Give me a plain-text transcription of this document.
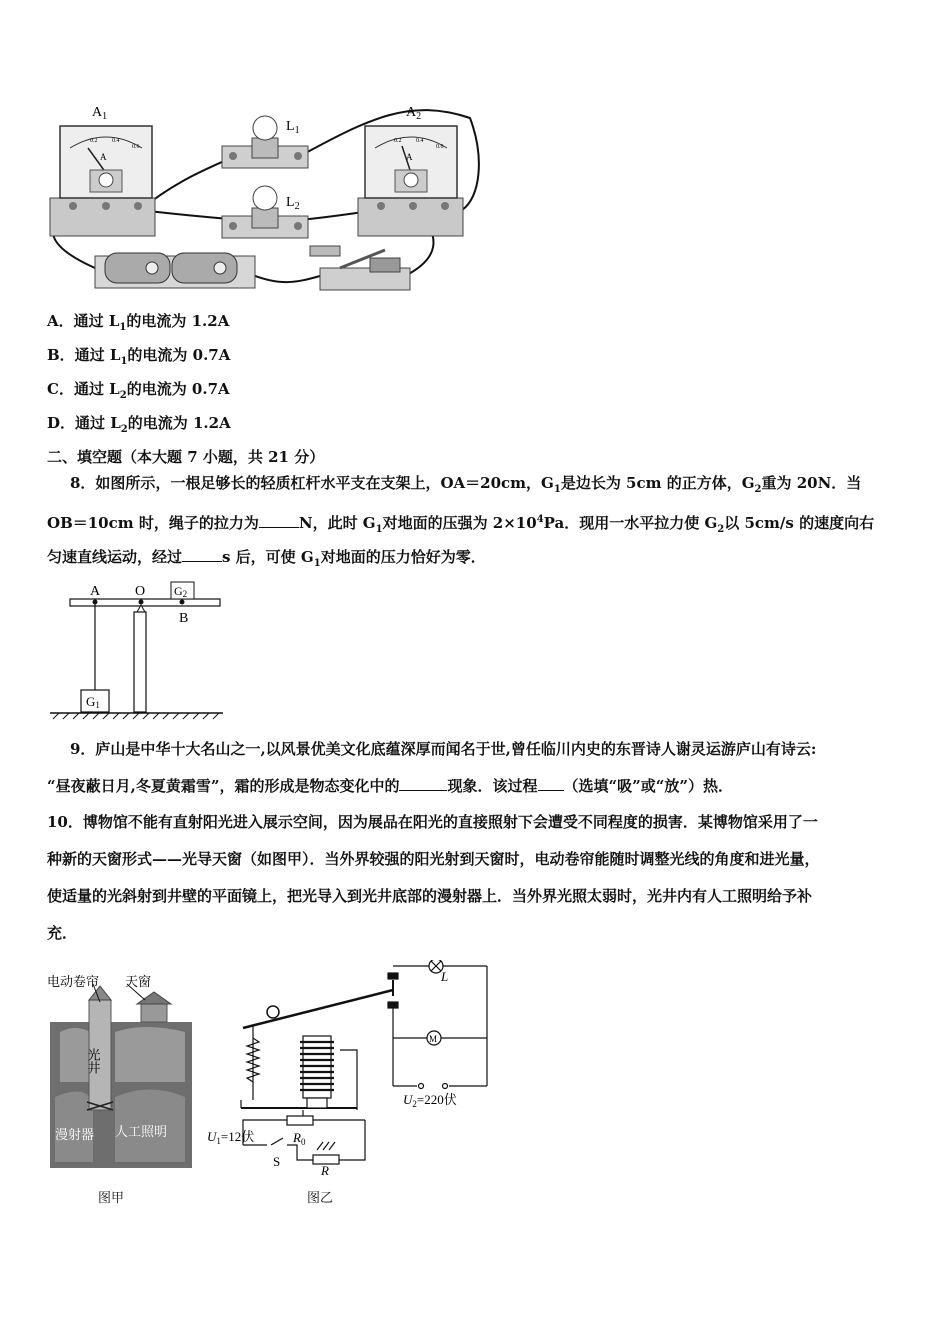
$A_1$	$A_2$
$L_1$
$L_2$
A	A
0.2 0.4
0.6
0.2 0.4
0.6
A．通过 $L_1$的电流为 1.2A
B．通过 $L_1$的电流为 0.7A
C．通过 $L_2$的电流为 0.7A
D．通过 $L_2$的电流为 1.2A
二、填空题（本大题 7 小题，共 21 分）
8．如图所示，一根足够长的轻质杠杆水平支在支架上，OA＝20cm，$G_1$是边长为 5cm 的正方体，$G_2$重为 20N．当
OB＝10cm 时，绳子的拉力为	N，此时 $G_1$对地面的压强为 $2\times 10^4Pa$．现用一水平拉力使 $G_2$以 5cm/s 的速度向右
匀速直线运动，经过	s 后，可使 $G_1$对地面的压力恰好为零．
A O
B
G2
G1
9．庐山是中华十大名山之一,以风景优美文化底蕴深厚而闻名于世,曾任临川内史的东晋诗人谢灵运游庐山有诗云:
“昼夜蔽日月,冬夏黄霜雪”，霜的形成是物态变化中的	现象．该过程 （选填“吸”或“放”）热．
10．博物馆不能有直射阳光进入展示空间，因为展品在阳光的直接照射下会遭受不同程度的损害．某博物馆采用了一
种新的天窗形式——光导天窗（如图甲）．当外界较强的阳光射到天窗时，电动卷帘能随时调整光线的角度和进光量，
使适量的光斜射到井壁的平面镜上，把光导入到光井底部的漫射器上．当外界光照太弱时，光井内有人工照明给予补
充．
电动卷帘 天窗
光井
漫射器 人工照明
图甲
L
M
$U_2=220$伏
$U_1=12$伏	$R_0$
S
R
图乙
